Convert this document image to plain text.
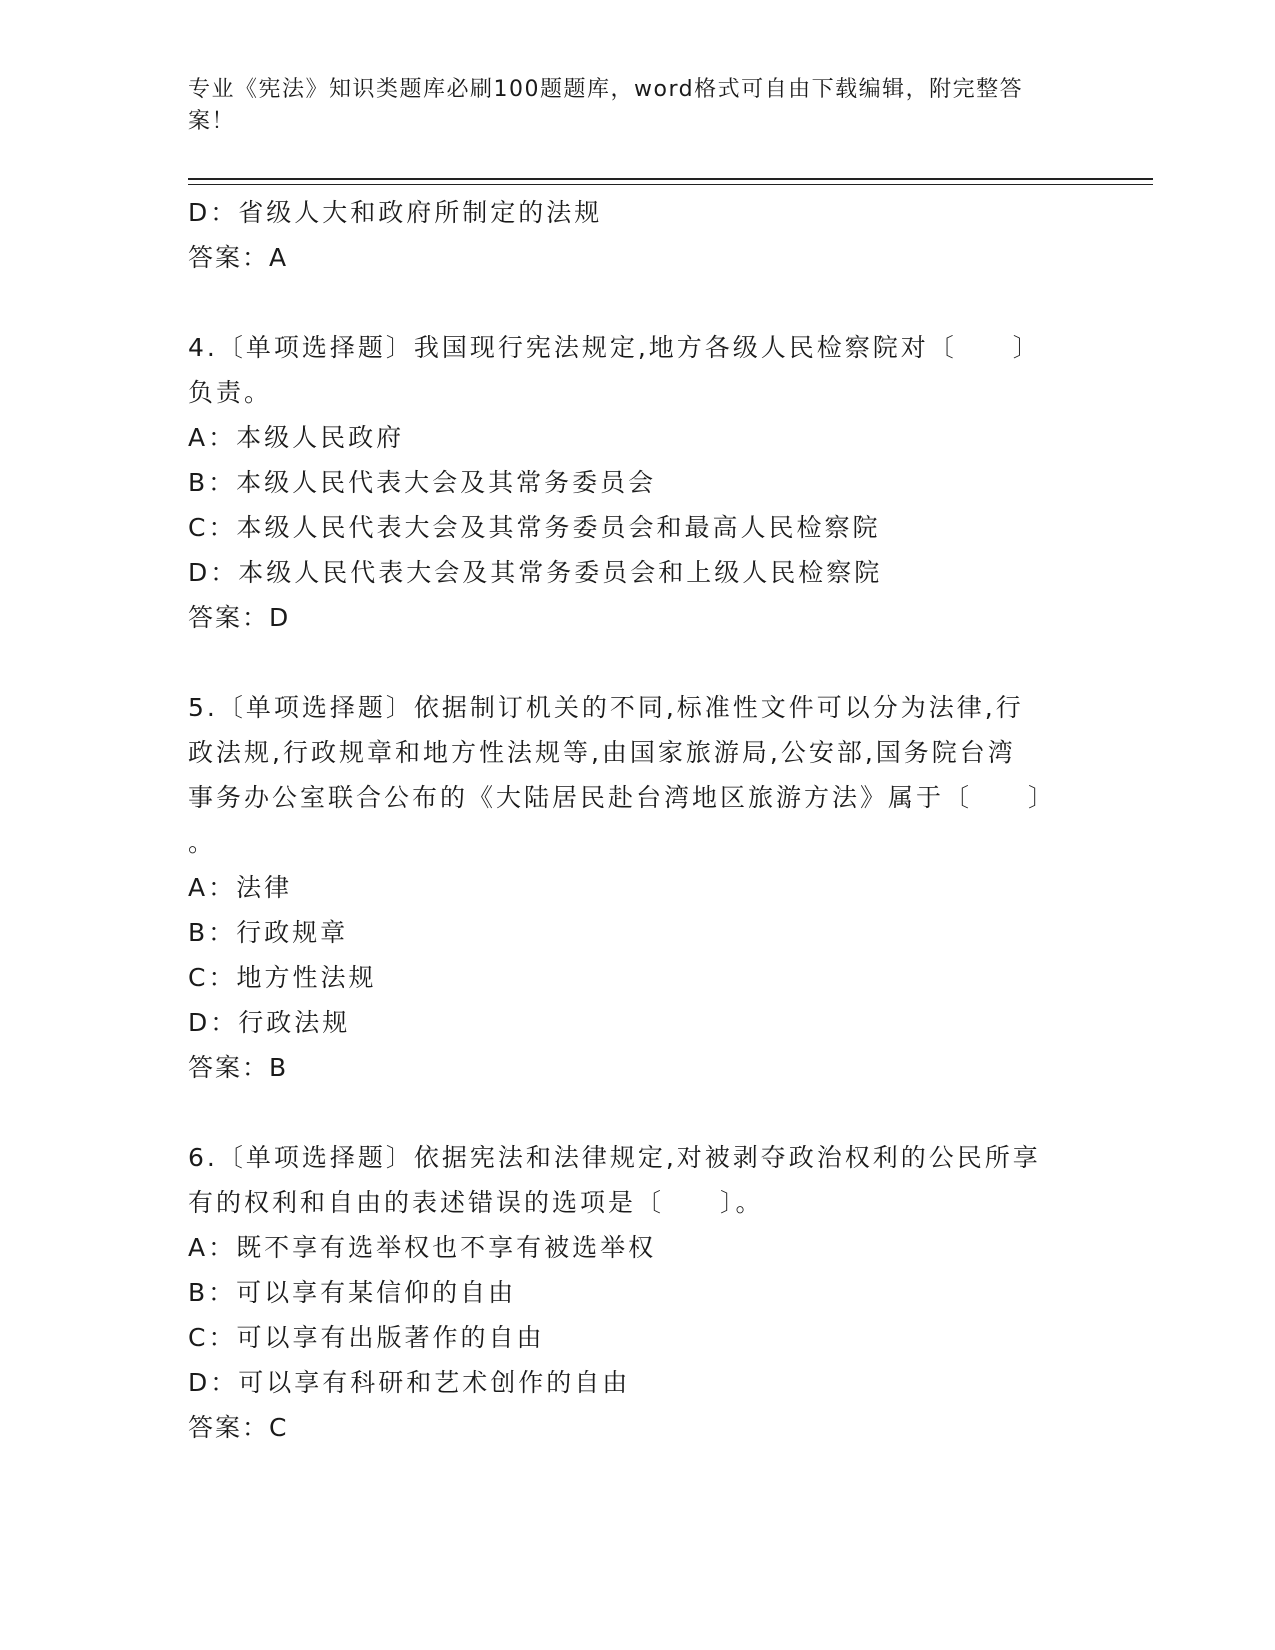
专业《宪法》知识类题库必刷100题题库，word格式可自由下载编辑，附完整答
案！
D：省级人大和政府所制定的法规
答案：A
4.〔单项选择题〕我国现行宪法规定,地方各级人民检察院对〔　　〕
负责。
A：本级人民政府
B：本级人民代表大会及其常务委员会
C：本级人民代表大会及其常务委员会和最高人民检察院
D：本级人民代表大会及其常务委员会和上级人民检察院
答案：D
5.〔单项选择题〕依据制订机关的不同,标准性文件可以分为法律,行
政法规,行政规章和地方性法规等,由国家旅游局,公安部,国务院台湾
事务办公室联合公布的《大陆居民赴台湾地区旅游方法》属于〔　　〕
。
A：法律
B：行政规章
C：地方性法规
D：行政法规
答案：B
6.〔单项选择题〕依据宪法和法律规定,对被剥夺政治权利的公民所享
有的权利和自由的表述错误的选项是〔　　〕。
A：既不享有选举权也不享有被选举权
B：可以享有某信仰的自由
C：可以享有出版著作的自由
D：可以享有科研和艺术创作的自由
答案：C
